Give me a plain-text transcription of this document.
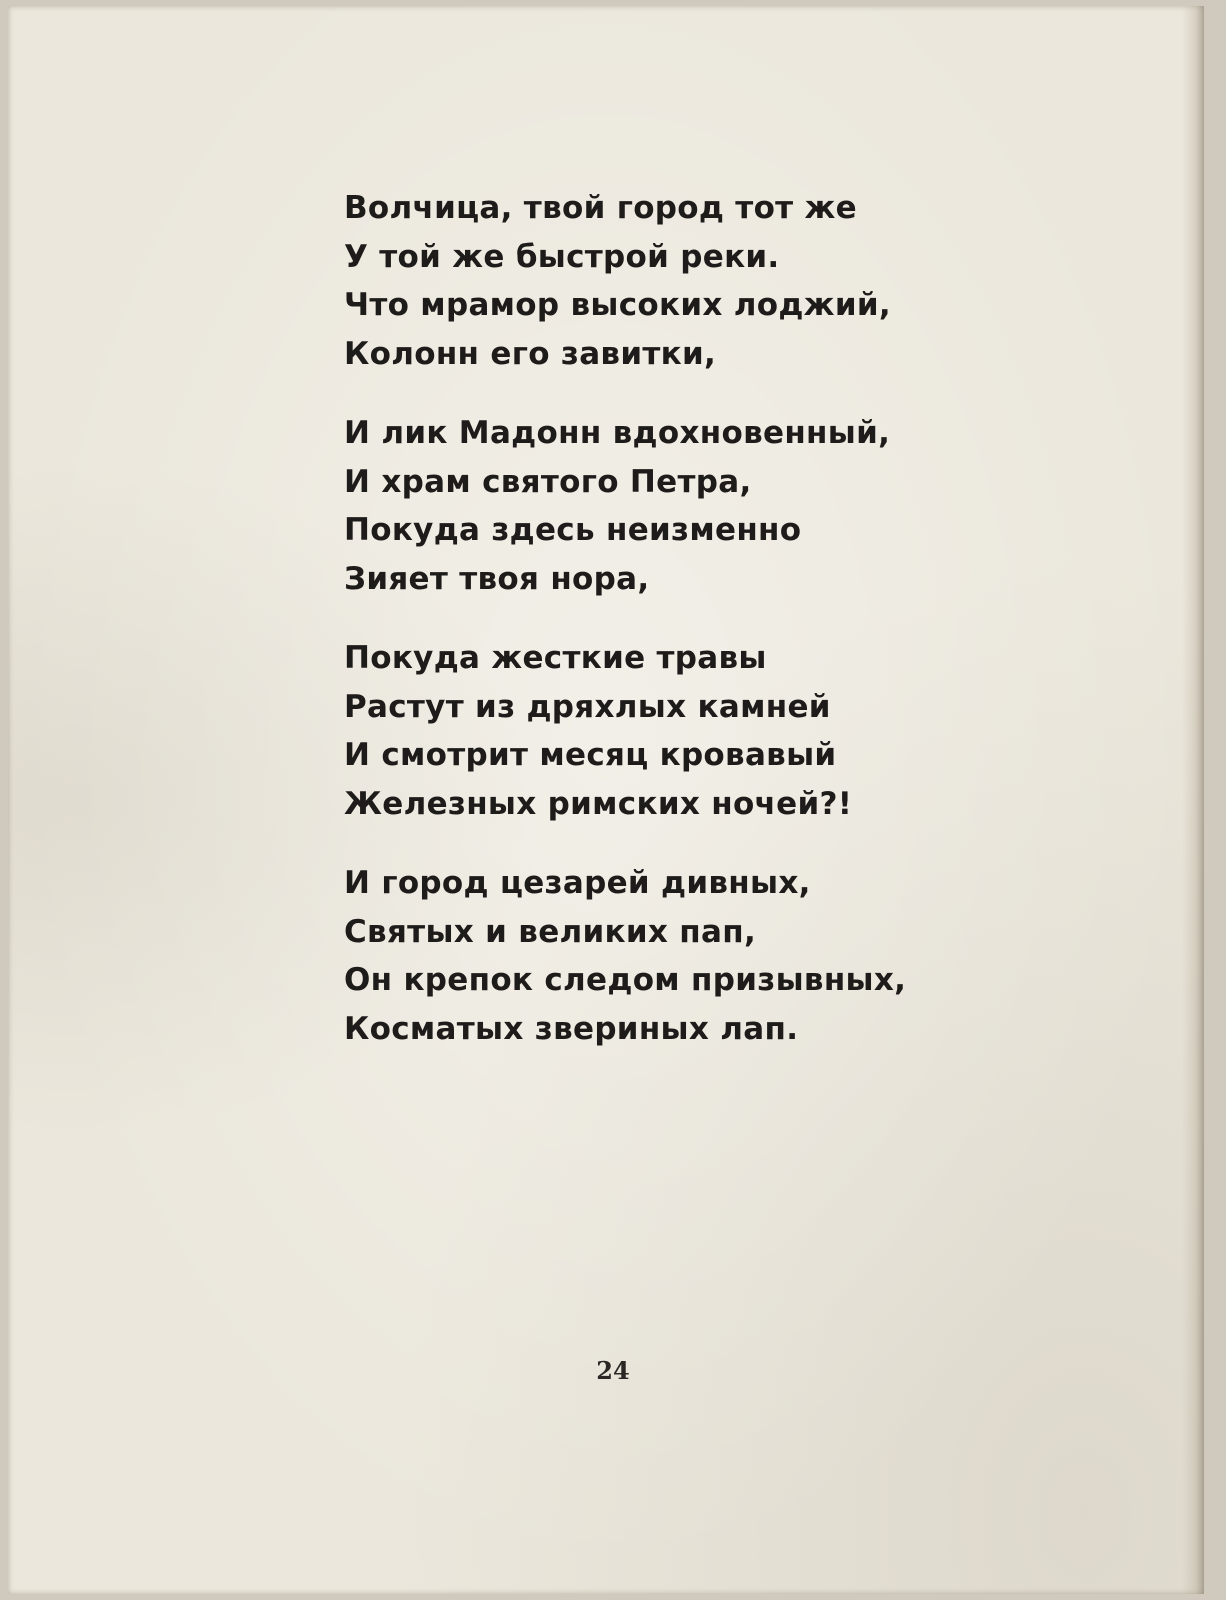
Волчица, твой город тот же
У той же быстрой реки.
Что мрамор высоких лоджий,
Колонн его завитки,
И лик Мадонн вдохновенный,
И храм святого Петра,
Покуда здесь неизменно
Зияет твоя нора,
Покуда жесткие травы
Растут из дряхлых камней
И смотрит месяц кровавый
Железных римских ночей?!
И город цезарей дивных,
Святых и великих пап,
Он крепок следом призывных,
Косматых звериных лап.
24
